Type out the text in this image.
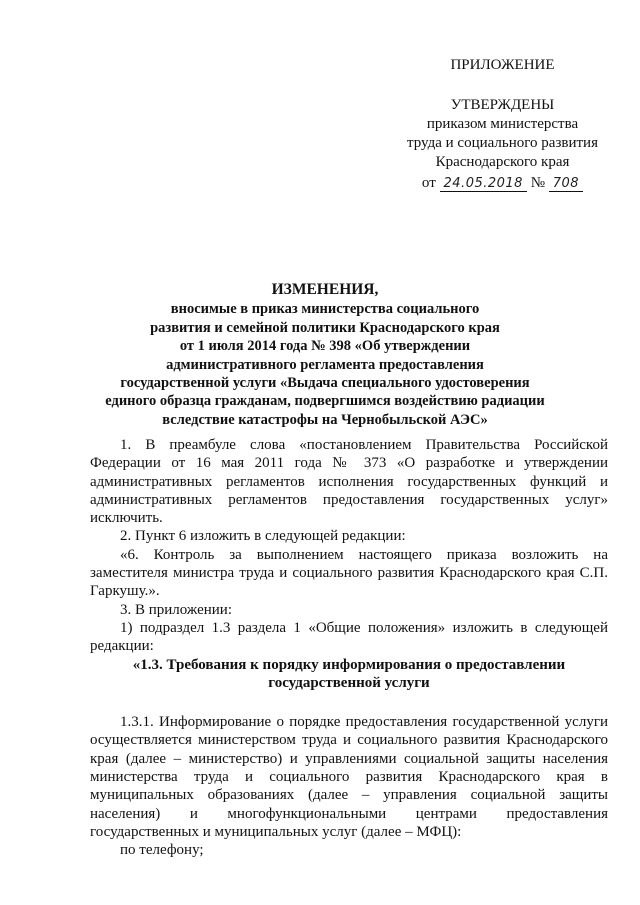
ПРИЛОЖЕНИЕ
УТВЕРЖДЕНЫ
приказом министерства
труда и социального развития
Краснодарского края
от 24.05.2018 № 708
ИЗМЕНЕНИЯ,
вносимые в приказ министерства социального
развития и семейной политики Краснодарского края
от 1 июля 2014 года № 398 «Об утверждении
административного регламента предоставления
государственной услуги «Выдача специального удостоверения
единого образца гражданам, подвергшимся воздействию радиации
вследствие катастрофы на Чернобыльской АЭС»

1. В преамбуле слова «постановлением Правительства Российской Федерации от 16 мая 2011 года № 373 «О разработке и утверждении административных регламентов исполнения государственных функций и административных регламентов предоставления государственных услуг» исключить.

2. Пункт 6 изложить в следующей редакции:

«6. Контроль за выполнением настоящего приказа возложить на заместителя министра труда и социального развития Краснодарского края С.П. Гаркушу.».

3. В приложении:

1) подраздел 1.3 раздела 1 «Общие положения» изложить в следующей редакции:

«1.3. Требования к порядку информирования о предоставлении
государственной услуги

1.3.1. Информирование о порядке предоставления государственной услуги осуществляется министерством труда и социального развития Краснодарского края (далее – министерство) и управлениями социальной защиты населения министерства труда и социального развития Краснодарского края в муниципальных образованиях (далее – управления социальной защиты населения) и многофункциональными центрами предоставления государственных и муниципальных услуг (далее – МФЦ):

по телефону;
